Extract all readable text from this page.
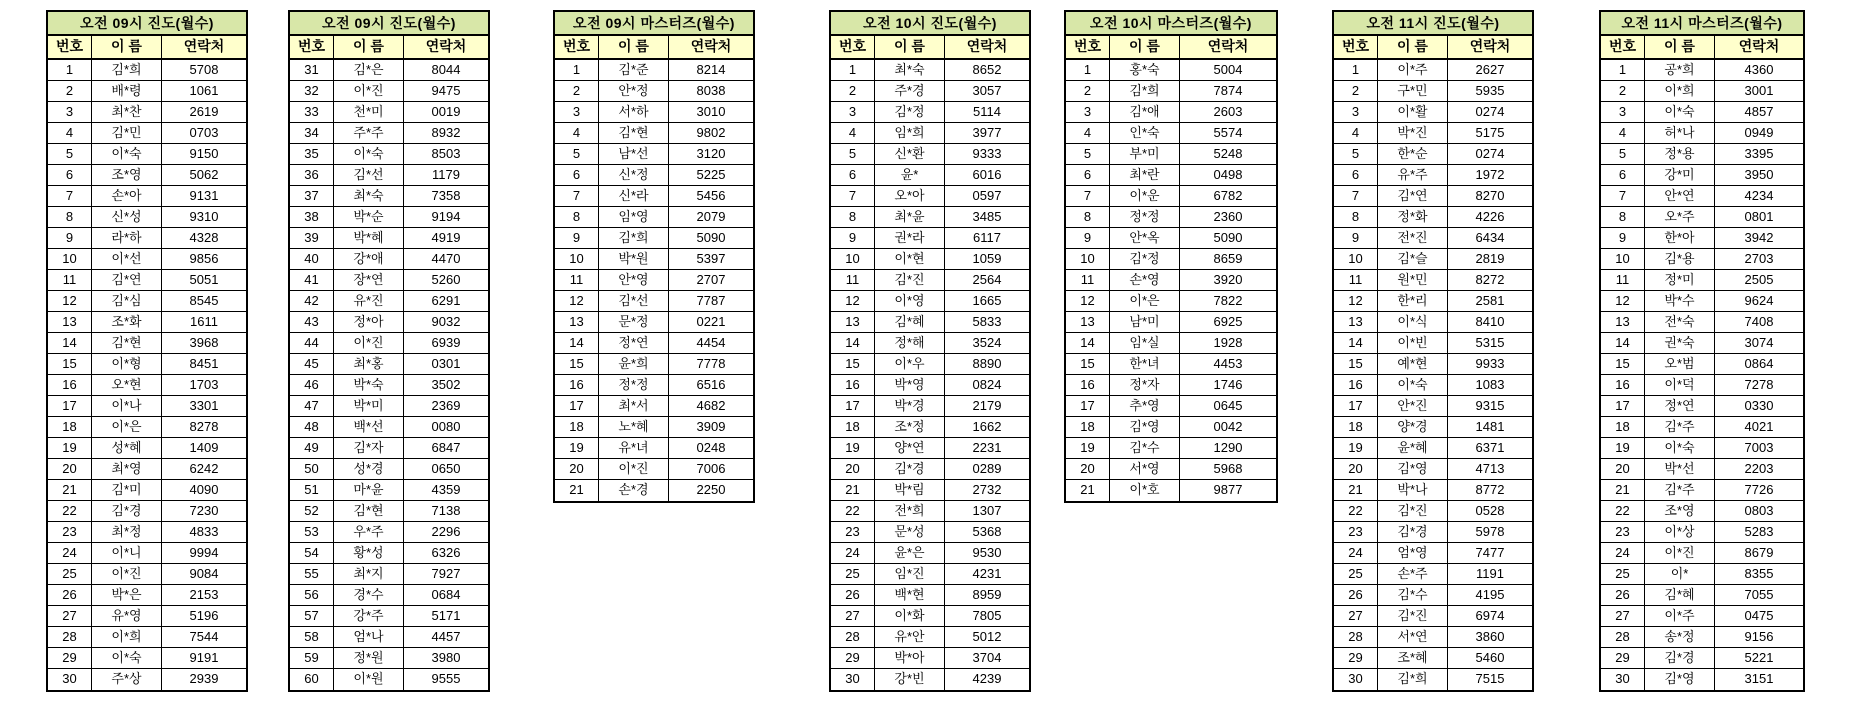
오전 09시 진도(월수)
번호	이 름	연락처
1	김*희	5708
2	배*령	1061
3	최*찬	2619
4	김*민	0703
5	이*숙	9150
6	조*영	5062
7	손*아	9131
8	신*성	9310
9	라*하	4328
10	이*선	9856
11	김*연	5051
12	김*심	8545
13	조*화	1611
14	김*현	3968
15	이*형	8451
16	오*현	1703
17	이*나	3301
18	이*은	8278
19	성*혜	1409
20	최*영	6242
21	김*미	4090
22	김*경	7230
23	최*정	4833
24	이*니	9994
25	이*진	9084
26	박*은	2153
27	유*영	5196
28	이*희	7544
29	이*숙	9191
30	주*상	2939
오전 09시 진도(월수)
번호	이 름	연락처
31	김*은	8044
32	이*진	9475
33	천*미	0019
34	주*주	8932
35	이*숙	8503
36	김*선	1179
37	최*숙	7358
38	박*순	9194
39	박*혜	4919
40	강*애	4470
41	장*연	5260
42	유*진	6291
43	정*아	9032
44	이*진	6939
45	최*홍	0301
46	박*숙	3502
47	박*미	2369
48	백*선	0080
49	김*자	6847
50	성*경	0650
51	마*윤	4359
52	김*현	7138
53	우*주	2296
54	황*성	6326
55	최*지	7927
56	경*수	0684
57	강*주	5171
58	엄*나	4457
59	정*원	3980
60	이*원	9555
오전 09시 마스터즈(월수)
번호	이 름	연락처
1	김*준	8214
2	안*정	8038
3	서*하	3010
4	김*현	9802
5	남*선	3120
6	신*정	5225
7	신*라	5456
8	임*영	2079
9	김*희	5090
10	박*원	5397
11	안*영	2707
12	김*선	7787
13	문*정	0221
14	정*연	4454
15	윤*희	7778
16	정*정	6516
17	최*서	4682
18	노*혜	3909
19	유*녀	0248
20	이*진	7006
21	손*경	2250
오전 10시 진도(월수)
번호	이 름	연락처
1	최*숙	8652
2	주*경	3057
3	김*정	5114
4	임*희	3977
5	신*환	9333
6	윤*	6016
7	오*아	0597
8	최*윤	3485
9	권*라	6117
10	이*현	1059
11	김*진	2564
12	이*영	1665
13	김*혜	5833
14	정*해	3524
15	이*우	8890
16	박*영	0824
17	박*경	2179
18	조*정	1662
19	양*연	2231
20	김*경	0289
21	박*림	2732
22	전*희	1307
23	문*성	5368
24	윤*은	9530
25	임*진	4231
26	백*현	8959
27	이*화	7805
28	유*안	5012
29	박*아	3704
30	강*빈	4239
오전 10시 마스터즈(월수)
번호	이 름	연락처
1	홍*숙	5004
2	김*희	7874
3	김*애	2603
4	인*숙	5574
5	부*미	5248
6	최*란	0498
7	이*운	6782
8	정*정	2360
9	안*옥	5090
10	김*정	8659
11	손*영	3920
12	이*은	7822
13	남*미	6925
14	임*실	1928
15	한*녀	4453
16	정*자	1746
17	추*영	0645
18	김*영	0042
19	김*수	1290
20	서*영	5968
21	이*호	9877
오전 11시 진도(월수)
번호	이 름	연락처
1	이*주	2627
2	구*민	5935
3	이*활	0274
4	박*진	5175
5	한*순	0274
6	유*주	1972
7	김*연	8270
8	정*화	4226
9	전*진	6434
10	김*슬	2819
11	원*민	8272
12	한*리	2581
13	이*식	8410
14	이*빈	5315
15	예*현	9933
16	이*숙	1083
17	안*진	9315
18	양*경	1481
19	윤*혜	6371
20	김*영	4713
21	박*나	8772
22	김*진	0528
23	김*경	5978
24	엄*영	7477
25	손*주	1191
26	김*수	4195
27	김*진	6974
28	서*연	3860
29	조*혜	5460
30	김*희	7515
오전 11시 마스터즈(월수)
번호	이 름	연락처
1	공*희	4360
2	이*희	3001
3	이*숙	4857
4	허*나	0949
5	정*용	3395
6	강*미	3950
7	안*연	4234
8	오*주	0801
9	한*아	3942
10	김*용	2703
11	정*미	2505
12	박*수	9624
13	전*숙	7408
14	권*숙	3074
15	오*범	0864
16	이*덕	7278
17	정*연	0330
18	김*주	4021
19	이*숙	7003
20	박*선	2203
21	김*주	7726
22	조*영	0803
23	이*상	5283
24	이*진	8679
25	이*	8355
26	김*혜	7055
27	이*주	0475
28	송*정	9156
29	김*경	5221
30	김*영	3151
